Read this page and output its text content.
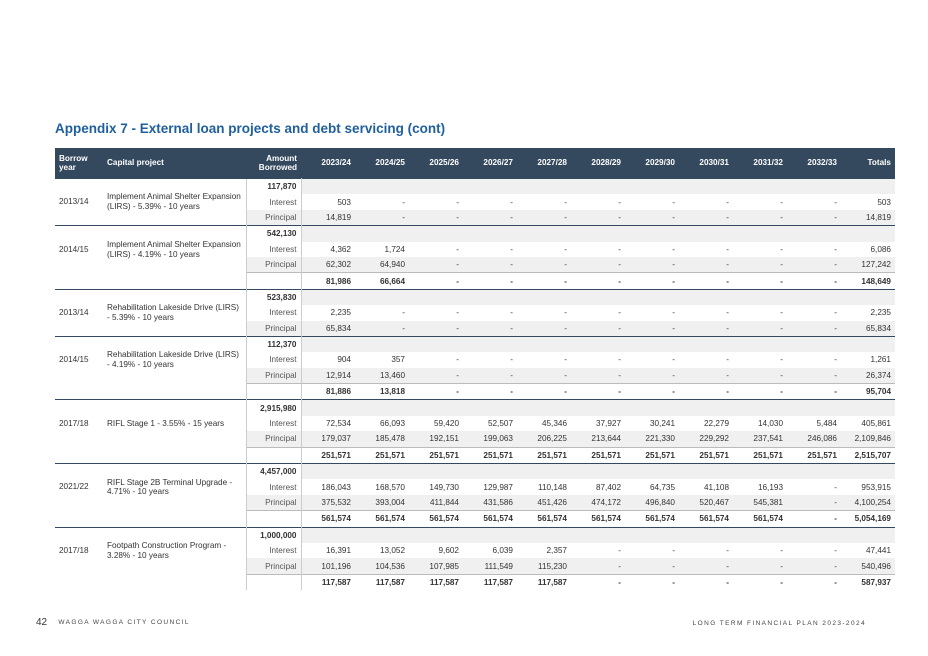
Appendix 7 - External loan projects and debt servicing (cont)
Borrow year	Capital project	Amount Borrowed	2023/24	2024/25	2025/26	2026/27	2027/28	2028/29	2029/30	2030/31	2031/32	2032/33	Totals
2013/14	Implement Animal Shelter Expansion (LIRS) - 5.39% - 10 years	117,870											
		Interest	503	-	-	-	-	-	-	-	-	-	503
		Principal	14,819	-	-	-	-	-	-	-	-	-	14,819
2014/15	Implement Animal Shelter Expansion (LIRS) - 4.19% - 10 years	542,130											
		Interest	4,362	1,724	-	-	-	-	-	-	-	-	6,086
		Principal	62,302	64,940	-	-	-	-	-	-	-	-	127,242
			81,986	66,664	-	-	-	-	-	-	-	-	148,649
2013/14	Rehabilitation Lakeside Drive (LIRS) - 5.39% - 10 years	523,830											
		Interest	2,235	-	-	-	-	-	-	-	-	-	2,235
		Principal	65,834	-	-	-	-	-	-	-	-	-	65,834
2014/15	Rehabilitation Lakeside Drive (LIRS) - 4.19% - 10 years	112,370											
		Interest	904	357	-	-	-	-	-	-	-	-	1,261
		Principal	12,914	13,460	-	-	-	-	-	-	-	-	26,374
			81,886	13,818	-	-	-	-	-	-	-	-	95,704
2017/18	RIFL Stage 1 - 3.55% - 15 years	2,915,980											
		Interest	72,534	66,093	59,420	52,507	45,346	37,927	30,241	22,279	14,030	5,484	405,861
		Principal	179,037	185,478	192,151	199,063	206,225	213,644	221,330	229,292	237,541	246,086	2,109,846
			251,571	251,571	251,571	251,571	251,571	251,571	251,571	251,571	251,571	251,571	2,515,707
2021/22	RIFL Stage 2B Terminal Upgrade - 4.71% - 10 years	4,457,000											
		Interest	186,043	168,570	149,730	129,987	110,148	87,402	64,735	41,108	16,193	-	953,915
		Principal	375,532	393,004	411,844	431,586	451,426	474,172	496,840	520,467	545,381	-	4,100,254
			561,574	561,574	561,574	561,574	561,574	561,574	561,574	561,574	561,574	-	5,054,169
2017/18	Footpath Construction Program - 3.28% - 10 years	1,000,000											
		Interest	16,391	13,052	9,602	6,039	2,357	-	-	-	-	-	47,441
		Principal	101,196	104,536	107,985	111,549	115,230	-	-	-	-	-	540,496
			117,587	117,587	117,587	117,587	117,587	-	-	-	-	-	587,937
42 WAGGA WAGGA CITY COUNCIL	LONG TERM FINANCIAL PLAN 2023-2024
